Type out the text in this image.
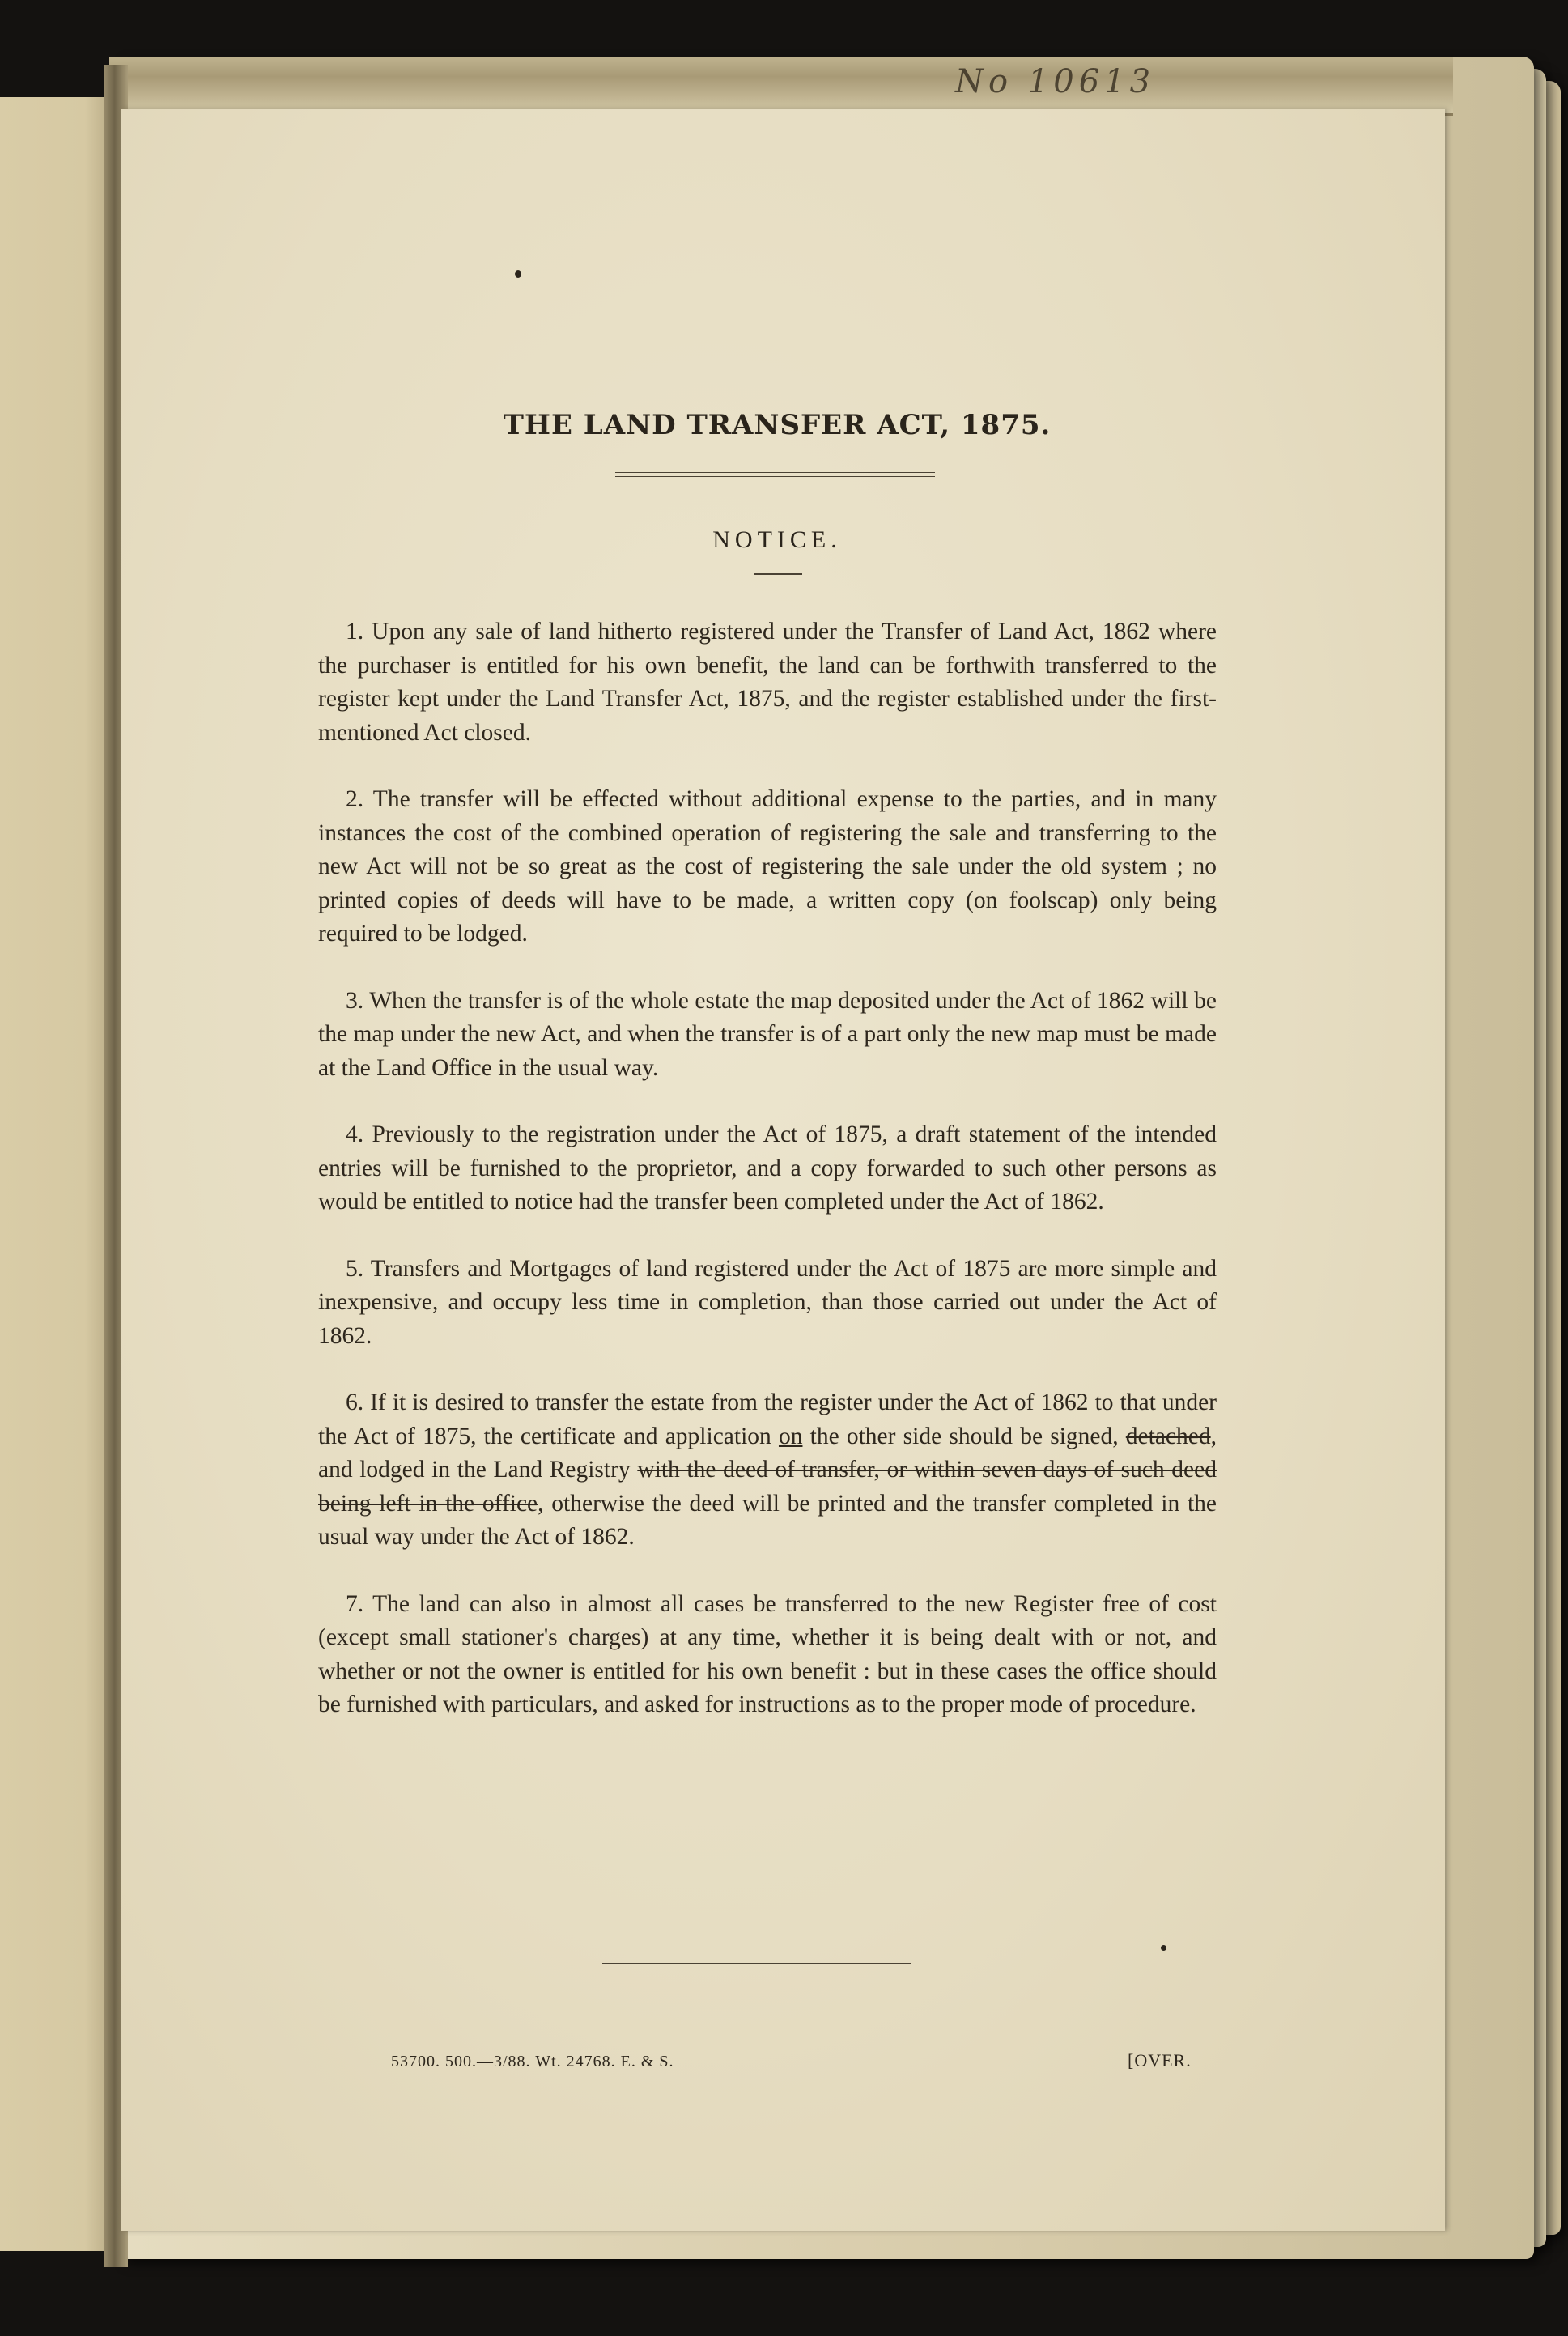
No 10613
THE LAND TRANSFER ACT, 1875.
NOTICE.

1. Upon any sale of land hitherto registered under the Transfer of Land Act, 1862 where the purchaser is entitled for his own benefit, the land can be forthwith transferred to the register kept under the Land Transfer Act, 1875, and the register established under the first-mentioned Act closed.

2. The transfer will be effected without additional expense to the parties, and in many instances the cost of the combined operation of registering the sale and transferring to the new Act will not be so great as the cost of registering the sale under the old system ; no printed copies of deeds will have to be made, a written copy (on foolscap) only being required to be lodged.

3. When the transfer is of the whole estate the map deposited under the Act of 1862 will be the map under the new Act, and when the transfer is of a part only the new map must be made at the Land Office in the usual way.

4. Previously to the registration under the Act of 1875, a draft statement of the intended entries will be furnished to the proprietor, and a copy forwarded to such other persons as would be entitled to notice had the transfer been completed under the Act of 1862.

5. Transfers and Mortgages of land registered under the Act of 1875 are more simple and inexpensive, and occupy less time in completion, than those carried out under the Act of 1862.

6. If it is desired to transfer the estate from the register under the Act of 1862 to that under the Act of 1875, the certificate and application on the other side should be signed, detached, and lodged in the Land Registry with the deed of transfer, or within seven days of such deed being left in the office, otherwise the deed will be printed and the transfer completed in the usual way under the Act of 1862.

7. The land can also in almost all cases be transferred to the new Register free of cost (except small stationer's charges) at any time, whether it is being dealt with or not, and whether or not the owner is entitled for his own benefit : but in these cases the office should be furnished with particulars, and asked for instructions as to the proper mode of procedure.

53700. 500.—3/88. Wt. 24768. E. & S.	[OVER.
